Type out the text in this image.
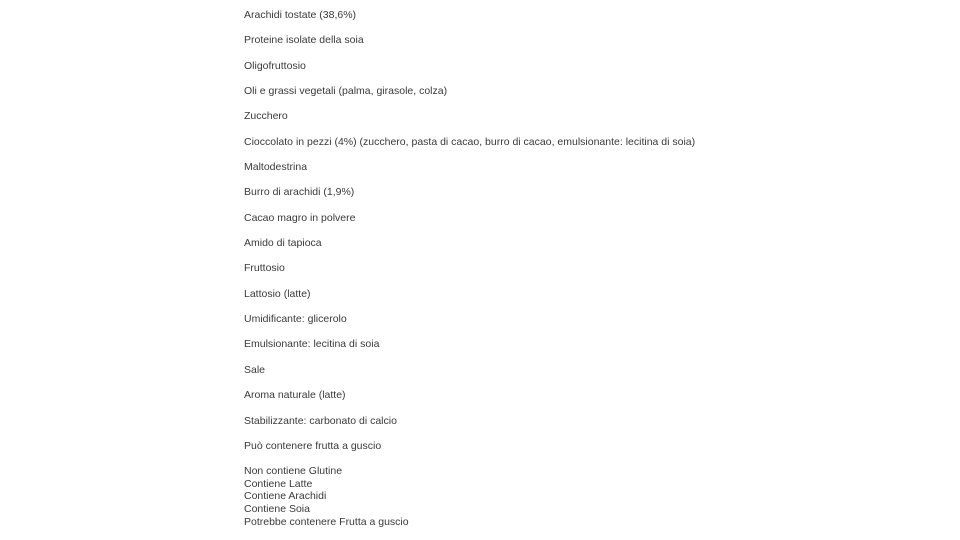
Arachidi tostate (38,6%)
Proteine isolate della soia
Oligofruttosio
Oli e grassi vegetali (palma, girasole, colza)
Zucchero
Cioccolato in pezzi (4%) (zucchero, pasta di cacao, burro di cacao, emulsionante: lecitina di soia)
Maltodestrina
Burro di arachidi (1,9%)
Cacao magro in polvere
Amido di tapioca
Fruttosio
Lattosio (latte)
Umidificante: glicerolo
Emulsionante: lecitina di soia
Sale
Aroma naturale (latte)
Stabilizzante: carbonato di calcio
Può contenere frutta a guscio
Non contiene Glutine
Contiene Latte
Contiene Arachidi
Contiene Soia
Potrebbe contenere Frutta a guscio
